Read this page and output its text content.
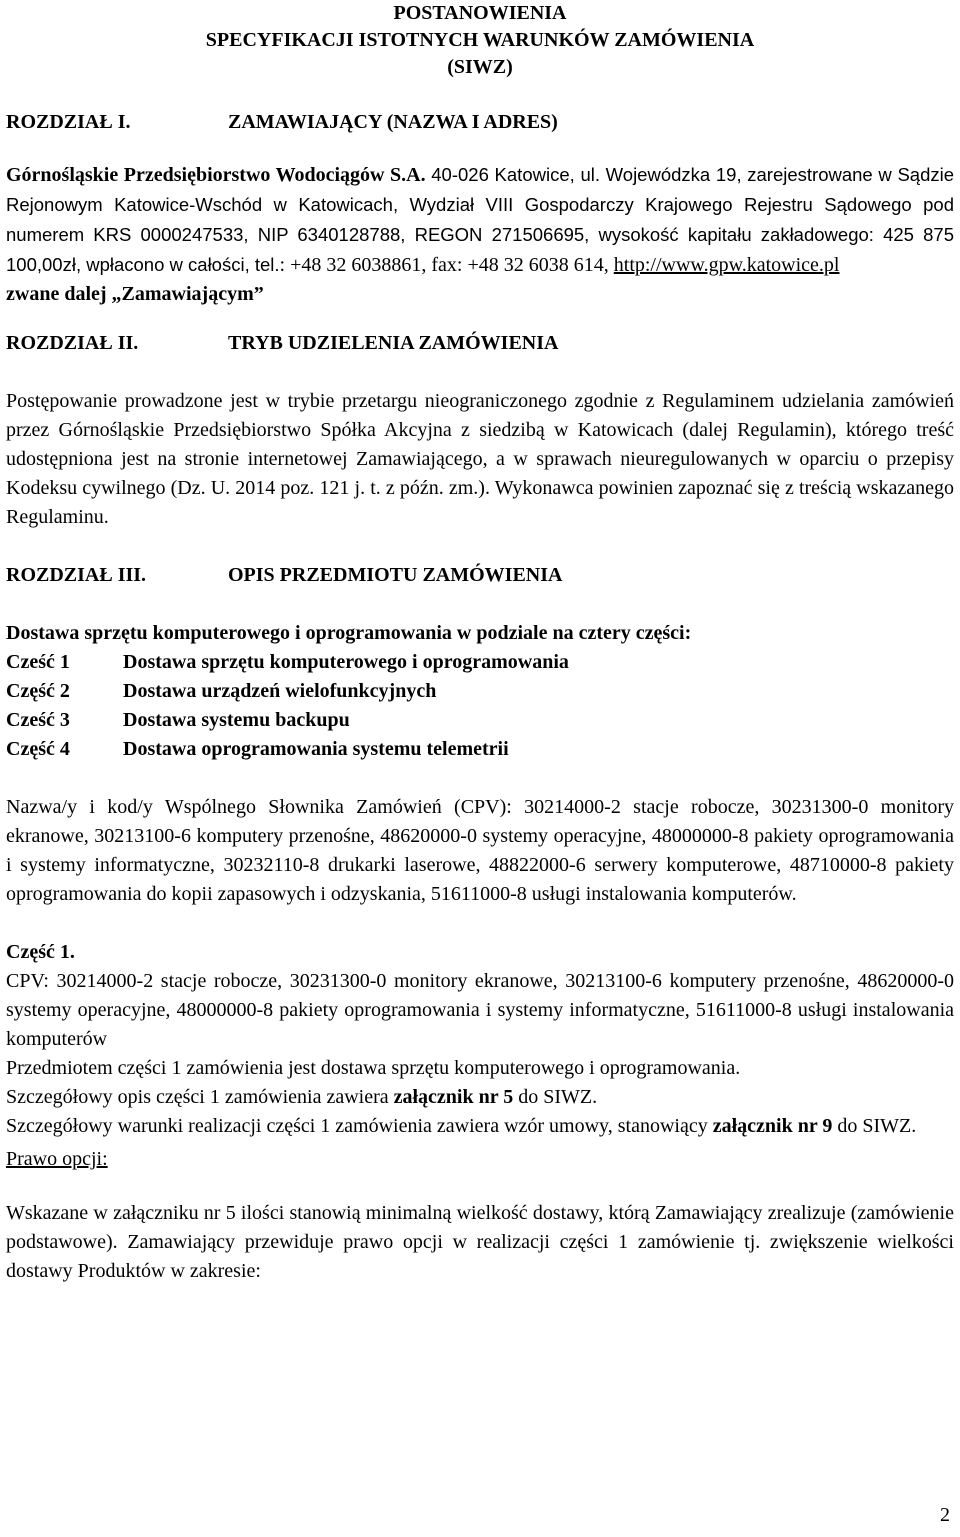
POSTANOWIENIA
SPECYFIKACJI ISTOTNYCH WARUNKÓW ZAMÓWIENIA
(SIWZ)
ROZDZIAŁ I.	ZAMAWIAJĄCY (NAZWA I ADRES)
Górnośląskie Przedsiębiorstwo Wodociągów S.A. 40-026 Katowice, ul. Wojewódzka 19, zarejestrowane w Sądzie Rejonowym Katowice-Wschód w Katowicach, Wydział VIII Gospodarczy Krajowego Rejestru Sądowego pod numerem KRS 0000247533, NIP 6340128788, REGON 271506695, wysokość kapitału zakładowego: 425 875 100,00zł, wpłacono w całości, tel.: +48 32 6038861, fax: +48 32 6038 614, http://www.gpw.katowice.pl
zwane dalej „Zamawiającym”
ROZDZIAŁ II.	TRYB UDZIELENIA ZAMÓWIENIA
Postępowanie prowadzone jest w trybie przetargu nieograniczonego zgodnie z Regulaminem udzielania zamówień przez Górnośląskie Przedsiębiorstwo Spółka Akcyjna z siedzibą w Katowicach (dalej Regulamin), którego treść udostępniona jest na stronie internetowej Zamawiającego, a w sprawach nieuregulowanych w oparciu o przepisy Kodeksu cywilnego (Dz. U. 2014 poz. 121 j. t. z późn. zm.). Wykonawca powinien zapoznać się z treścią wskazanego Regulaminu.
ROZDZIAŁ III.	OPIS PRZEDMIOTU ZAMÓWIENIA
Dostawa sprzętu komputerowego i oprogramowania w podziale na cztery części:
Cześć 1	Dostawa sprzętu komputerowego i oprogramowania
Część 2	Dostawa urządzeń wielofunkcyjnych
Cześć 3	Dostawa systemu backupu
Część 4	Dostawa oprogramowania systemu telemetrii
Nazwa/y i kod/y Wspólnego Słownika Zamówień (CPV): 30214000-2 stacje robocze, 30231300-0 monitory ekranowe, 30213100-6 komputery przenośne, 48620000-0 systemy operacyjne, 48000000-8 pakiety oprogramowania i systemy informatyczne, 30232110-8 drukarki laserowe, 48822000-6 serwery komputerowe, 48710000-8 pakiety oprogramowania do kopii zapasowych i odzyskania, 51611000-8 usługi instalowania komputerów.
Część 1.
CPV: 30214000-2 stacje robocze, 30231300-0 monitory ekranowe, 30213100-6 komputery przenośne, 48620000-0 systemy operacyjne, 48000000-8 pakiety oprogramowania i systemy informatyczne, 51611000-8 usługi instalowania komputerów
Przedmiotem części 1 zamówienia jest dostawa sprzętu komputerowego i oprogramowania.
Szczegółowy opis części 1 zamówienia zawiera załącznik nr 5 do SIWZ.
Szczegółowy warunki realizacji części 1 zamówienia zawiera wzór umowy, stanowiący załącznik nr 9 do SIWZ.
Prawo opcji:
Wskazane w załączniku nr 5 ilości stanowią minimalną wielkość dostawy, którą Zamawiający zrealizuje (zamówienie podstawowe). Zamawiający przewiduje prawo opcji w realizacji części 1 zamówienie tj. zwiększenie wielkości dostawy Produktów w zakresie:
2
